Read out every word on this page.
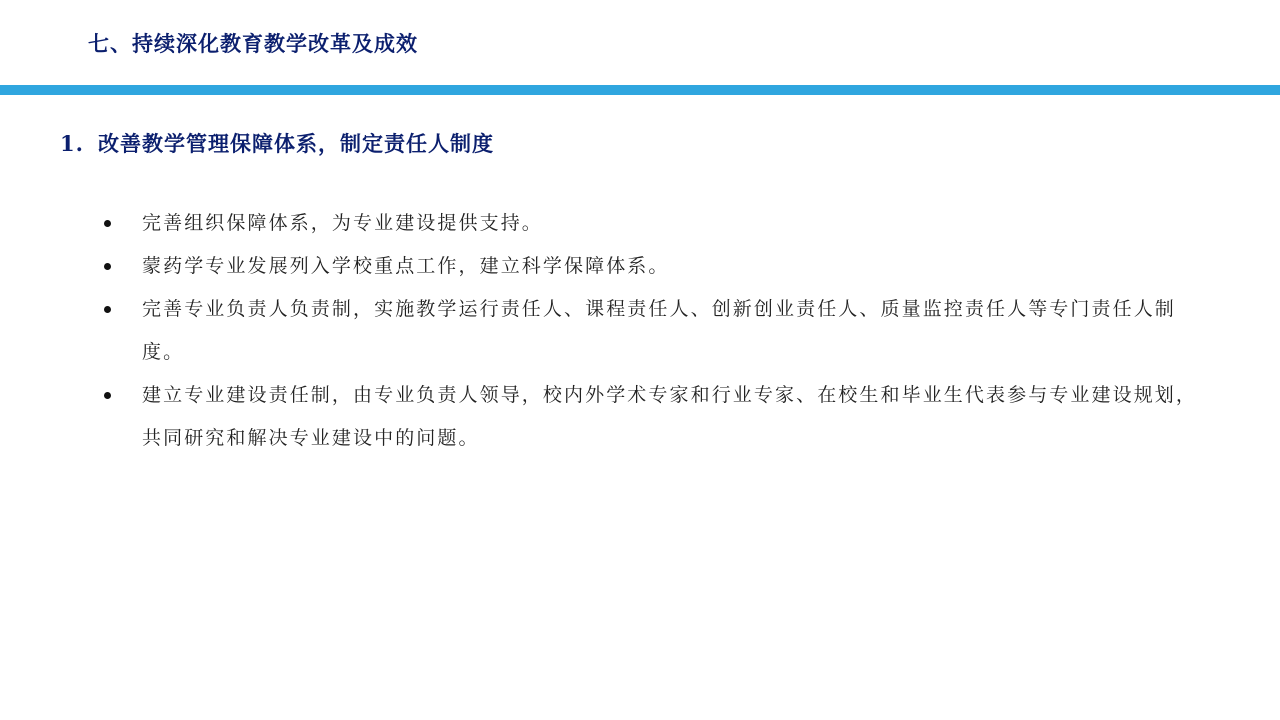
七、持续深化教育教学改革及成效
1. 改善教学管理保障体系，制定责任人制度
完善组织保障体系，为专业建设提供支持。
蒙药学专业发展列入学校重点工作，建立科学保障体系。
完善专业负责人负责制，实施教学运行责任人、课程责任人、创新创业责任人、质量监控责任人等专门责任人制度。
建立专业建设责任制，由专业负责人领导，校内外学术专家和行业专家、在校生和毕业生代表参与专业建设规划，共同研究和解决专业建设中的问题。
